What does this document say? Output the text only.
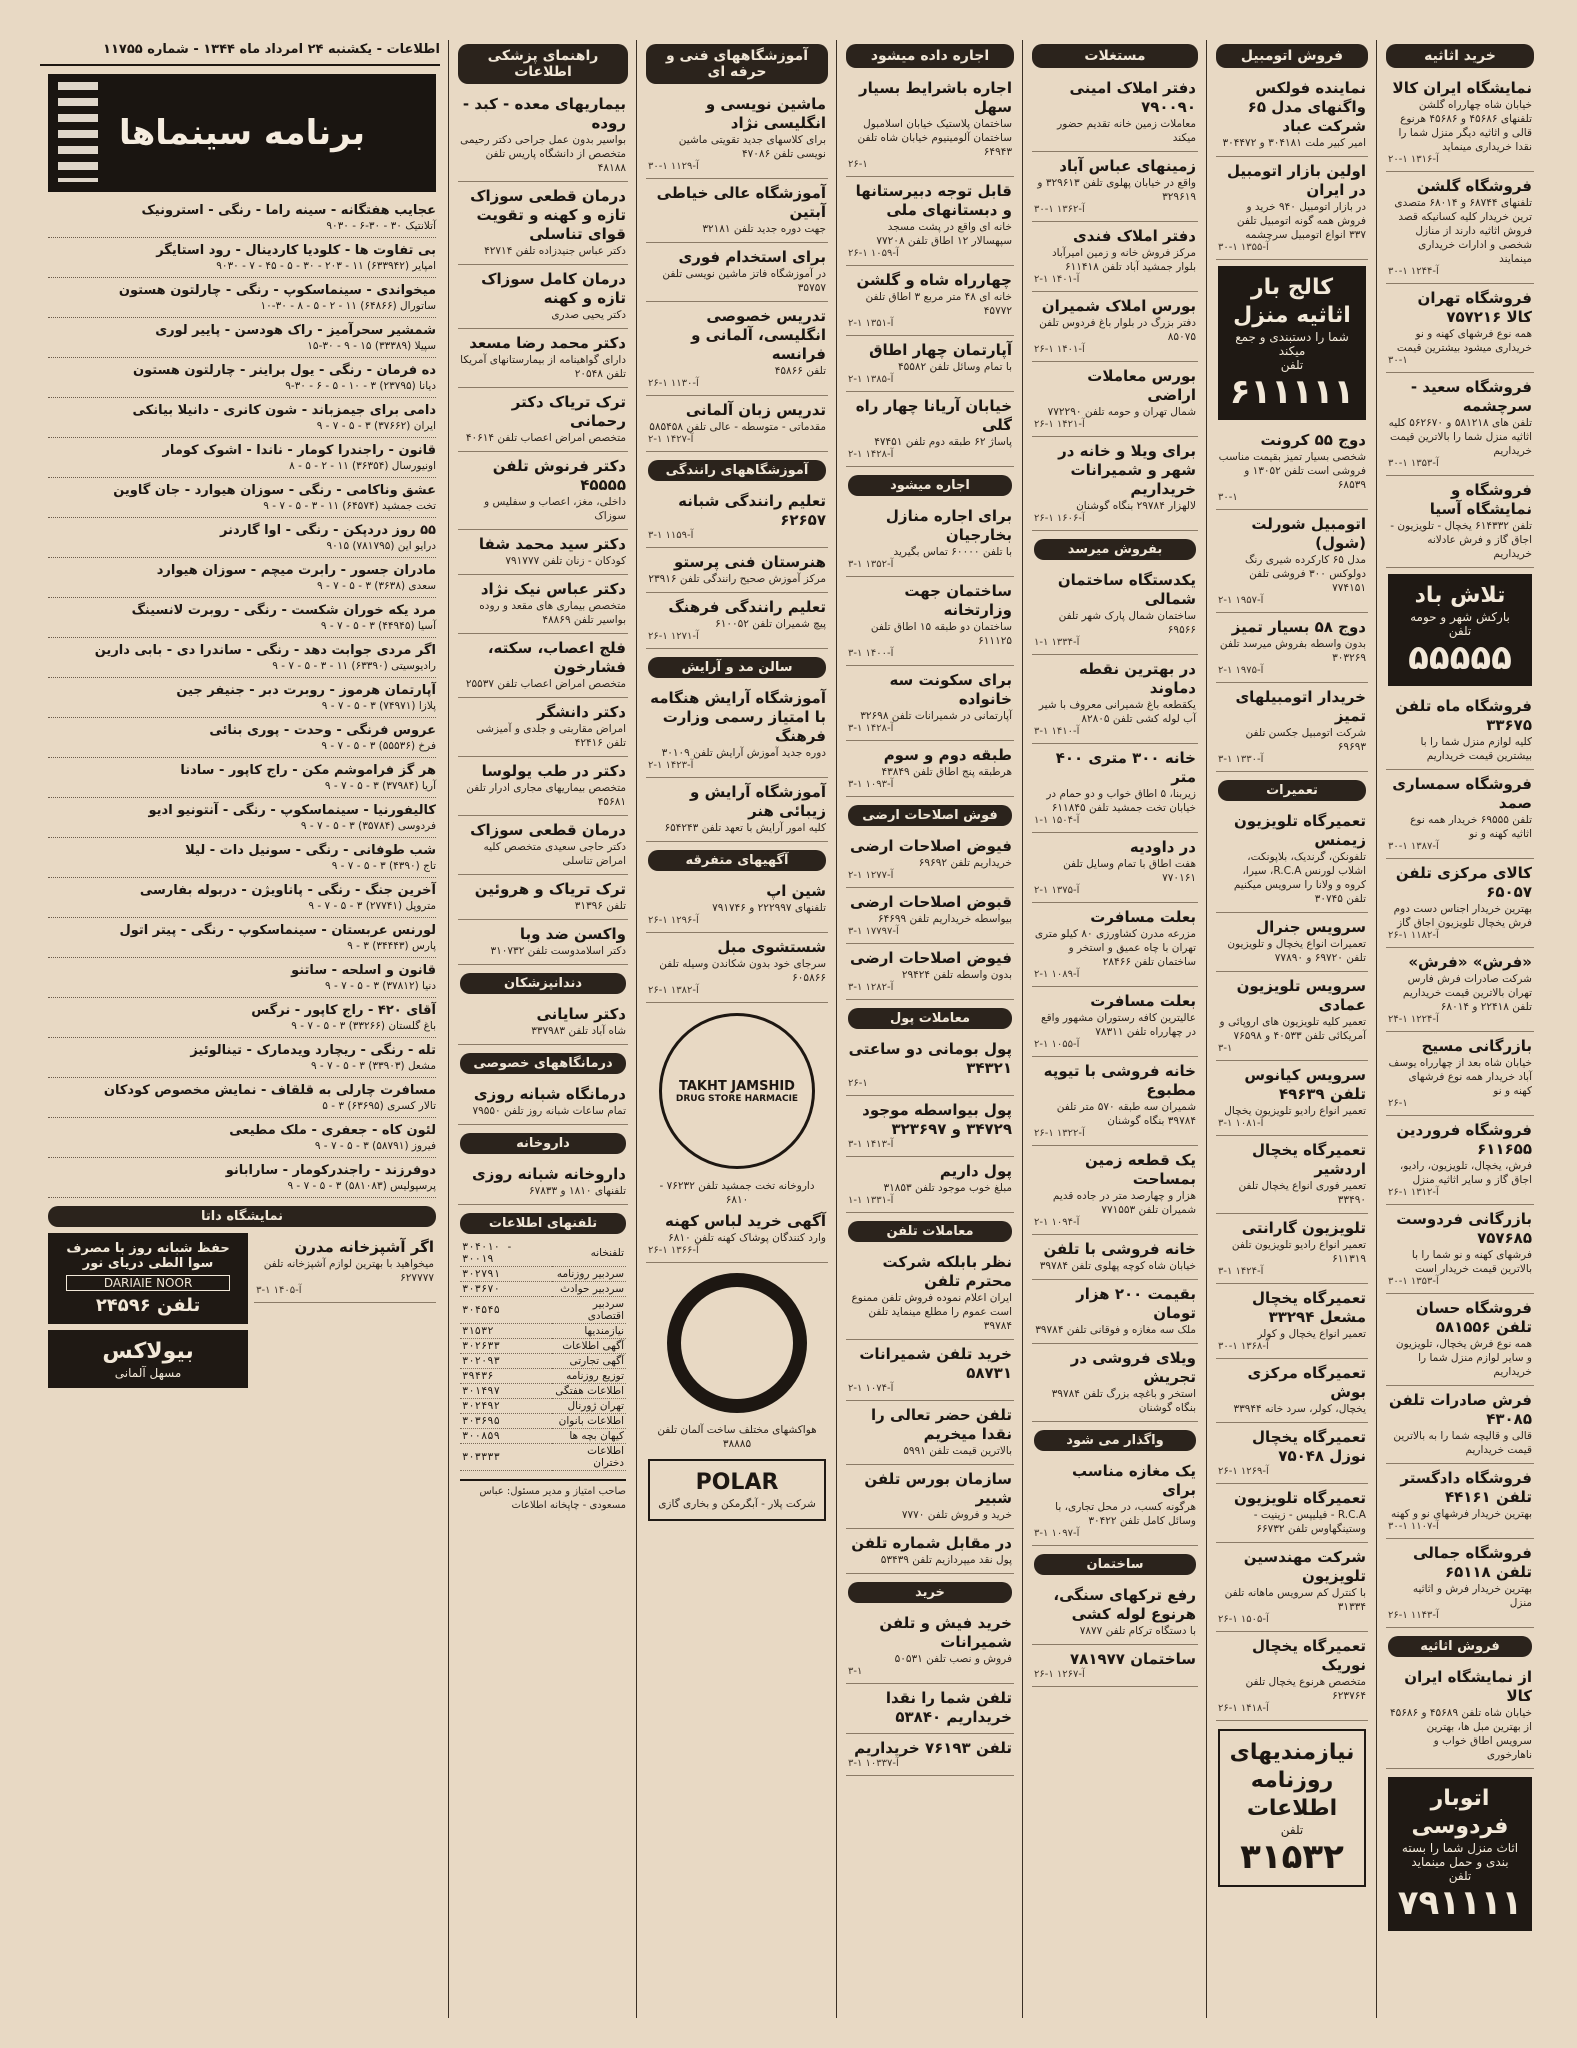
خرید اثاثیه
نمایشگاه ایران کالا
خیابان شاه چهارراه گلشن تلفنهای ۴۵۶۸۶ و ۴۵۶۸۶ هرنوع قالی و اثاثیه دیگر منزل شما را نقدا خریداری مینماید
۲۰-۱ آ-۱۳۱۶
فروشگاه گلشن
تلفنهای ۶۸۷۴۴ و ۶۸۰۱۴ متصدی ترین خریدار کلیه کسانیکه قصد فروش اثاثیه دارند از منازل شخصی و ادارات خریداری مینمایند
۳۰-۱ آ-۱۲۴۴
فروشگاه تهران کالا ۷۵۷۲۱۶
همه نوع فرشهای کهنه و نو خریداری میشود بیشترین قیمت
۳۰-۱
فروشگاه سعید - سرچشمه
تلفن های ۵۸۱۲۱۸ و ۵۶۲۶۷۰ کلیه اثاثیه منزل شما را بالاترین قیمت خریداریم
۳۰-۱ آ-۱۳۵۳
فروشگاه و نمایشگاه آسیا
تلفن ۶۱۴۳۳۲ یخچال - تلویزیون - اجاق گاز و فرش عادلانه خریداریم
تلاش باد
بارکش شهر و حومه
تلفن
۵۵۵۵۵
فروشگاه ماه تلفن ۳۳۶۷۵
کلیه لوازم منزل شما را با بیشترین قیمت خریداریم
فروشگاه سمساری صمد
تلفن ۶۹۵۵۵ خریدار همه نوع اثاثیه کهنه و نو
۳۰-۱ آ-۱۳۸۷
کالای مرکزی تلفن ۶۵۰۵۷
بهترین خریدار اجناس دست دوم فرش یخچال تلویزیون اجاق گاز
۲۶-۱ آ-۱۱۸۲
«فرش» «فرش»
شرکت صادرات فرش فارس تهران بالاترین قیمت خریداریم تلفن ۲۲۴۱۸ و ۶۸۰۱۴
۲۴-۱ آ-۱۲۲۴
بازرگانی مسیح
خیابان شاه بعد از چهارراه یوسف آباد خریدار همه نوع فرشهای کهنه و نو
۲۶-۱
فروشگاه فروردین ۶۱۱۶۵۵
فرش، یخچال، تلویزیون، رادیو، اجاق گاز و سایر اثاثیه منزل
۲۶-۱ آ-۱۳۱۲
بازرگانی فردوست ۷۵۷۶۸۵
فرشهای کهنه و نو شما را با بالاترین قیمت خریدار است
۳۰-۱ آ-۱۳۵۳
فروشگاه حسان تلفن ۵۸۱۵۵۶
همه نوع فرش یخچال، تلویزیون و سایر لوازم منزل شما را خریداریم
فرش صادرات تلفن ۴۳۰۸۵
قالی و قالیچه شما را به بالاترین قیمت خریداریم
فروشگاه دادگستر تلفن ۴۴۱۶۱
بهترین خریدار فرشهای نو و کهنه
۳۰-۱ آ-۱۱۰۷
فروشگاه جمالی تلفن ۶۵۱۱۸
بهترین خریدار فرش و اثاثیه منزل
۲۶-۱ آ-۱۱۴۳
فروش اثاثیه
از نمایشگاه ایران کالا
خیابان شاه تلفن ۴۵۶۸۹ و ۴۵۶۸۶ از بهترین مبل ها، بهترین سرویس اطاق خواب و ناهارخوری
اتوبار فردوسی
اثاث منزل شما را بسته بندی و حمل مینماید
تلفن
۷۹۱۱۱۱
فروش اتومبیل
نماینده فولکس واگنهای مدل ۶۵ شرکت عباد
امیر کبیر ملت ۳۰۴۱۸۱ و ۳۰۴۴۷۲
اولین بازار اتومبیل در ایران
در بازار اتومبیل ۹۴۰ خرید و فروش همه گونه اتومبیل تلفن ۳۳۷ انواع اتومبیل سرچشمه
۳۰-۱ آ-۱۳۵۵
کالج بار اثاثیه منزل
شما را دستبندی و جمع میکند
تلفن
۶۱۱۱۱۱
دوج ۵۵ کرونت
شخصی بسیار تمیز بقیمت مناسب فروشی است تلفن ۱۳۰۵۲ و ۶۸۵۳۹
۳۰-۱
اتومبیل شورلت (شول)
مدل ۶۵ کارکرده شیری رنگ دولوکس ۳۰۰ فروشی تلفن ۷۷۴۱۵۱
۲-۱ آ-۱۹۵۷
دوج ۵۸ بسیار تمیز
بدون واسطه بفروش میرسد تلفن ۳۰۳۲۶۹
۲-۱ آ-۱۹۷۵
خریدار اتومبیلهای تمیز
شرکت اتومبیل جکسن تلفن ۶۹۶۹۳
۳-۱ آ-۱۳۳۰
تعمیرات
تعمیرگاه تلویزیون زیمنس
تلفونکن، گرندیک، بلاپونکت، اشلاب لورنس R.C.A، سیرا، کروه و ولانا را سرویس میکنیم تلفن ۳۰۷۴۵
سرویس جنرال
تعمیرات انواع یخچال و تلویزیون تلفن ۶۹۷۲۰ و ۷۷۸۹۰
سرویس تلویزیون عمادی
تعمیر کلیه تلویزیون های اروپائی و آمریکائی تلفن ۴۰۵۳۳ و ۷۶۵۹۸
۳-۱
سرویس کیانوس تلفن ۴۹۶۳۹
تعمیر انواع رادیو تلویزیون یخچال
۳-۱ آ-۱۰۸۱
تعمیرگاه یخچال اردشیر
تعمیر فوری انواع یخچال تلفن ۳۳۴۹۰
تلویزیون گارانتی
تعمیر انواع رادیو تلویزیون تلفن ۶۱۱۳۱۹
۳-۱ آ-۱۴۲۴
تعمیرگاه یخچال مشعل ۳۳۲۹۴
تعمیر انواع یخچال و کولر
۳۰-۱ آ-۱۳۶۸
تعمیرگاه مرکزی بوش
یخچال، کولر، سرد خانه ۳۳۹۴۴
تعمیرگاه یخچال نوزل ۷۵۰۴۸
۲۶-۱ آ-۱۲۶۹
تعمیرگاه تلویزیون
R.C.A - فیلیپس - زینیت - وستینگهاوس تلفن ۶۶۷۳۲
شرکت مهندسین تلویزیون
با کنترل کم سرویس ماهانه تلفن ۳۱۳۳۴
۲۶-۱ آ-۱۵۰۵
تعمیرگاه یخچال نوریک
متخصص هرنوع یخچال تلفن ۶۲۳۷۶۴
۲۶-۱ آ-۱۴۱۸
نیازمندیهای روزنامه اطلاعات
تلفن
۳۱۵۳۲
مستغلات
دفتر املاک امینی ۷۹۰۰۹۰
معاملات زمین خانه تقدیم حضور میکند
زمینهای عباس آباد
واقع در خیابان پهلوی تلفن ۳۲۹۶۱۳ و ۳۲۹۶۱۹
۳۰-۱ آ-۱۳۶۲
دفتر املاک فندی
مرکز فروش خانه و زمین امیرآباد بلوار جمشید آباد تلفن ۶۱۱۴۱۸
۲-۱ آ-۱۴۰۱
بورس املاک شمیران
دفتر بزرگ در بلوار باغ فردوس تلفن ۸۵۰۷۵
۲۶-۱ آ-۱۴۰۱
بورس معاملات اراضی
شمال تهران و حومه تلفن ۷۷۲۲۹۰
۲۶-۱ آ-۱۴۲۱
برای ویلا و خانه در شهر و شمیرانات خریداریم
لالهزار ۲۹۷۸۴ بنگاه گوشنان
۲۶-۱ آ-۱۶۰۶
بفروش میرسد
یکدستگاه ساختمان شمالی
ساختمان شمال پارک شهر تلفن ۶۹۵۶۶
۱-۱ آ-۱۳۳۴
در بهترین نقطه دماوند
یکقطعه باغ شمیرانی معروف با شیر آب لوله کشی تلفن ۸۲۸۰۵
۳-۱ آ-۱۴۱۰
خانه ۳۰۰ متری ۴۰۰ متر
زیربنا، ۵ اطاق خواب و دو حمام در خیابان تخت جمشید تلفن ۶۱۱۸۴۵
۱-۱ آ-۱۵۰۴
در داودیه
هفت اطاق با تمام وسایل تلفن ۷۷۰۱۶۱
۲-۱ آ-۱۳۷۵
بعلت مسافرت
مزرعه مدرن کشاورزی ۸۰ کیلو متری تهران با چاه عمیق و استخر و ساختمان تلفن ۲۸۴۶۶
۲-۱ آ-۱۰۸۹
بعلت مسافرت
عالیترین کافه رستوران مشهور واقع در چهارراه تلفن ۷۸۳۱۱
۲-۱ آ-۱۰۵۵
خانه فروشی با تیوپه مطبوع
شمیران سه طبقه ۵۷۰ متر تلفن ۳۹۷۸۴ بنگاه گوشنان
۲۶-۱ آ-۱۳۲۲
یک قطعه زمین بمساحت
هزار و چهارصد متر در جاده قدیم شمیران تلفن ۷۷۱۵۵۳
۲-۱ آ-۱۰۹۴
خانه فروشی با تلفن
خیابان شاه کوچه پهلوی تلفن ۳۹۷۸۴
بقیمت ۲۰۰ هزار تومان
ملک سه مغازه و فوقانی تلفن ۳۹۷۸۴
ویلای فروشی در تجریش
استخر و باغچه بزرگ تلفن ۳۹۷۸۴ بنگاه گوشنان
واگذار می شود
یک مغازه مناسب برای
هرگونه کسب، در محل تجاری، با وسائل کامل تلفن ۳۰۴۲۲
۳-۱ آ-۱۰۹۷
ساختمان
رفع ترکهای سنگی، هرنوع لوله کشی
با دستگاه ترکام تلفن ۷۸۷۷
ساختمان ۷۸۱۹۷۷
۲۶-۱ آ-۱۲۶۷
اجاره داده میشود
اجاره باشرایط بسیار سهل
ساختمان پلاستیک خیابان اسلامبول ساختمان آلومینیوم خیابان شاه تلفن ۶۴۹۴۳
۲۶-۱
قابل توجه دبیرستانها و دبستانهای ملی
خانه ای واقع در پشت مسجد سپهسالار ۱۲ اطاق تلفن ۷۷۲۰۸
۲۶-۱ آ-۱۰۵۹
چهارراه شاه و گلشن
خانه ای ۴۸ متر مربع ۳ اطاق تلفن ۴۵۷۷۲
۲-۱ آ-۱۳۵۱
آپارتمان چهار اطاق
با تمام وسائل تلفن ۴۵۵۸۲
۲-۱ آ-۱۳۸۵
خیابان آریانا چهار راه گلی
پاساژ ۶۲ طبقه دوم تلفن ۴۷۴۵۱
۲-۱ آ-۱۴۲۸
اجاره میشود
برای اجاره منازل بخارجیان
با تلفن ۶۰۰۰۰ تماس بگیرید
۳-۱ آ-۱۳۵۲
ساختمان جهت وزارتخانه
ساختمان دو طبقه ۱۵ اطاق تلفن ۶۱۱۱۲۵
۳-۱ آ-۱۴۰۰
برای سکونت سه خانواده
آپارتمانی در شمیرانات تلفن ۳۲۶۹۸
۳-۱ آ-۱۴۲۸
طبقه دوم و سوم
هرطبقه پنج اطاق تلفن ۴۳۸۴۹
۳-۱ آ-۱۰۹۳
فوش اصلاحات ارضی
فیوض اصلاحات ارضی
خریداریم تلفن ۶۹۶۹۲
۲-۱ آ-۱۲۷۷
قبوض اصلاحات ارضی
بیواسطه خریداریم تلفن ۶۴۶۹۹
۳-۱ آ-۱۷۷۹۷
فیوض اصلاحات ارضی
بدون واسطه تلفن ۲۹۴۲۴
۳-۱ آ-۱۲۸۲
معاملات پول
پول بومانی دو ساعتی ۳۴۳۲۱
۲۶-۱
پول بیواسطه موجود ۳۴۷۲۹ و ۳۲۳۶۹۷
۳-۱ آ-۱۴۱۳
پول داریم
مبلغ خوب موجود تلفن ۳۱۸۵۳
۱-۱ آ-۱۳۳۱
معاملات تلفن
نظر بابلکه شرکت محترم تلفن
ایران اعلام نموده فروش تلفن ممنوع است عموم را مطلع مینماید تلفن ۳۹۷۸۴
خرید تلفن شمیرانات ۵۸۷۳۱
۲-۱ آ-۱۰۷۴
تلفن حضر تعالی را نقدا میخریم
بالاترین قیمت تلفن ۵۹۹۱
سازمان بورس تلفن شبیر
خرید و فروش تلفن ۷۷۷۰
در مقابل شماره تلفن
پول نقد میپردازیم تلفن ۵۳۴۳۹
خرید
خرید فیش و تلفن شمیرانات
فروش و نصب تلفن ۵۰۵۳۱
۳-۱
تلفن شما را نقدا خریداریم ۵۳۸۴۰
تلفن ۷۶۱۹۳ خریداریم
۳-۱ آ-۱۰۳۳۷
آموزشگاههای فنی و حرفه ای
ماشین نویسی و انگلیسی نژاد
برای کلاسهای جدید تقویتی ماشین نویسی تلفن ۴۷۰۸۶
۳۰-۱ آ-۱۱۲۹
آموزشگاه عالی خیاطی آبتین
جهت دوره جدید تلفن ۳۲۱۸۱
برای استخدام فوری
در آموزشگاه فاتز ماشین نویسی تلفن ۳۵۷۵۷
تدریس خصوصی انگلیسی، آلمانی و فرانسه
تلفن ۴۵۸۶۶
۲۶-۱ آ-۱۱۳۰
تدریس زبان آلمانی
مقدماتی - متوسطه - عالی تلفن ۵۸۵۴۵۸
۲-۱ آ-۱۴۲۷
آموزشگاههای رانندگی
تعلیم رانندگی شبانه ۶۲۶۵۷
۳-۱ آ-۱۱۵۹
هنرستان فنی پرستو
مرکز آموزش صحیح رانندگی تلفن ۲۳۹۱۶
تعلیم رانندگی فرهنگ
پیچ شمیران تلفن ۶۱۰۰۵۲
۲۶-۱ آ-۱۲۷۱
سالن مد و آرایش
آموزشگاه آرایش هنگامه با امتیاز رسمی وزارت فرهنگ
دوره جدید آموزش آرایش تلفن ۳۰۱۰۹
۲-۱ آ-۱۴۲۳
آموزشگاه آرایش و زیبائی هنر
کلیه امور آرایش با تعهد تلفن ۶۵۴۲۴۳
آگهیهای متفرقه
شین اپ
تلفنهای ۲۲۲۹۹۷ و ۷۹۱۷۴۶
۲۶-۱ آ-۱۲۹۶
شستشوی مبل
سرجای خود بدون شکاندن وسیله تلفن ۶۰۵۸۶۶
۲۶-۱ آ-۱۳۸۲
TAKHT JAMSHID
DRUG STORE HARMACIE
داروخانه تخت جمشید تلفن ۷۶۲۳۲ - ۶۸۱۰
آگهی خرید لباس کهنه
وارد کنندگان پوشاک کهنه تلفن ۶۸۱۰
۲۶-۱ آ-۱۳۶۶
هواکشهای مختلف ساخت آلمان تلفن ۳۸۸۸۵
POLAR
شرکت پلار - آبگرمکن و بخاری گازی
راهنمای پزشکی اطلاعات
بیماریهای معده - کبد - روده
بواسیر بدون عمل جراحی دکتر رحیمی متخصص از دانشگاه پاریس تلفن ۴۸۱۸۸
درمان قطعی سوزاک تازه و کهنه و تقویت قوای تناسلی
دکتر عباس جنیدزاده تلفن ۴۲۷۱۴
درمان کامل سوزاک تازه و کهنه
دکتر یحیی صدری
دکتر محمد رضا مسعد
دارای گواهینامه از بیمارستانهای آمریکا تلفن ۲۰۵۴۸
ترک تریاک دکتر رحمانی
متخصص امراض اعصاب تلفن ۴۰۶۱۴
دکتر فرنوش تلفن ۴۵۵۵۵
داخلی، مغز، اعصاب و سفلیس و سوزاک
دکتر سید محمد شفا
کودکان - زنان تلفن ۷۹۱۷۷۷
دکتر عباس نیک نژاد
متخصص بیماری های مقعد و روده بواسیر تلفن ۴۸۸۶۹
فلج اعصاب، سکته، فشارخون
متخصص امراض اعصاب تلفن ۲۵۵۳۷
دکتر دانشگر
امراض مقاربتی و جلدی و آمیزشی تلفن ۴۲۴۱۶
دکتر در طب یولوسا
متخصص بیماریهای مجاری ادرار تلفن ۴۵۶۸۱
درمان قطعی سوزاک
دکتر حاجی سعیدی متخصص کلیه امراض تناسلی
ترک تریاک و هروئین
تلفن ۳۱۳۹۶
واکسن ضد وبا
دکتر اسلامدوست تلفن ۳۱۰۷۳۲
دندانپزشکان
دکتر سایانی
شاه آباد تلفن ۳۳۷۹۸۳
درمانگاههای خصوصی
درمانگاه شبانه روزی
تمام ساعات شبانه روز تلفن ۷۹۵۵۰
داروخانه
داروخانه شبانه روزی
تلفنهای ۱۸۱۰ و ۶۷۸۳۳
تلفنهای اطلاعات
تلفنخانه	۳۰۴۰۱۰ - ۳۰۰۱۹
سردبیر روزنامه	۳۰۲۷۹۱
سردبیر حوادث	۳۰۳۶۷۰
سردبیر اقتصادی	۳۰۴۵۴۵
نیازمندیها	۳۱۵۳۲
آگهی اطلاعات	۳۰۲۶۳۳
آگهی تجارتی	۳۰۲۰۹۳
توزیع روزنامه	۳۹۴۳۶
اطلاعات هفتگی	۳۰۱۴۹۷
تهران ژورنال	۳۰۲۴۹۲
اطلاعات بانوان	۳۰۳۶۹۵
کیهان بچه ها	۳۰۰۸۵۹
اطلاعات دختران	۳۰۳۳۳۳
صاحب امتیاز و مدیر مسئول: عباس مسعودی - چاپخانه اطلاعات
اطلاعات - یکشنبه ۲۴ امرداد ماه ۱۳۴۴ - شماره ۱۱۷۵۵
برنامه سینماها
عجایب هفتگانه - سینه راما - رنگی - استرونیک
آتلانتیک ۳۰ - ۳۰-۶ - ۹۰۳۰
بی تفاوت ها - کلودیا کاردینال - رود استایگر
امپایر (۶۳۳۹۴۲) ۱۱ - ۲۰۳ - ۳۰ - ۵ - ۴۵ - ۷ - ۹۰۳۰
میخواندی - سینماسکوپ - رنگی - چارلتون هستون
ساتورال (۶۴۸۶۶) ۱۱ - ۲ - ۵ - ۸ - ۳۰-۱۰
شمشیر سحرآمیز - راک هودسن - پاییر لوری
سپیلا (۳۳۳۸۹) ۱۵ - ۹ - ۳۰-۱۵
ده فرمان - رنگی - یول براینر - چارلتون هستون
دیانا (۲۳۷۹۵) ۳ - ۱۰ - ۵ - ۶ - ۳۰-۹
دامی برای جیمزباند - شون کانری - دانیلا بیانکی
ایران (۳۷۶۶۲) ۳ - ۵ - ۷ - ۹
قانون - راجندرا کومار - ناندا - اشوک کومار
اونیورسال (۳۶۳۵۴) ۱۱ - ۲ - ۵ - ۸
عشق وناکامی - رنگی - سوزان هیوارد - جان گاوین
تخت جمشید (۶۴۵۷۴) ۱۱ - ۳ - ۵ - ۷ - ۹
۵۵ روز دردپکن - رنگی - اوا گاردنر
درایو این (۷۸۱۷۹۵) ۹۰۱۵
مادران جسور - رابرت میچم - سوزان هیوارد
سعدی (۳۶۳۸) ۳ - ۵ - ۷ - ۹
مرد یکه خوران شکست - رنگی - روبرت لانسینگ
آسیا (۴۴۹۴۵) ۳ - ۵ - ۷ - ۹
اگر مردی جوابت دهد - رنگی - ساندرا دی - بابی دارین
رادیوسیتی (۶۳۳۹۰) ۱۱ - ۳ - ۵ - ۷ - ۹
آپارتمان هرموز - روبرت دبر - جنیفر جین
پلازا (۷۴۹۷۱) ۳ - ۵ - ۷ - ۹
عروس فرنگی - وحدت - پوری بنائی
فرخ (۵۵۵۳۶) ۳ - ۵ - ۷ - ۹
هر گز فراموشم مکن - راج کاپور - سادنا
آریا (۳۷۹۸۴) ۳ - ۵ - ۷ - ۹
کالیفورنیا - سینماسکوپ - رنگی - آنتونیو ادیو
فردوسی (۳۵۷۸۴) ۳ - ۵ - ۷ - ۹
شب طوفانی - رنگی - سونیل دات - لیلا
تاج (۴۳۹۰) ۳ - ۵ - ۷ - ۹
آخرین جنگ - رنگی - پاناویژن - دربوله بفارسی
متروپل (۲۷۷۴۱) ۳ - ۵ - ۷ - ۹
لورنس عربستان - سینماسکوپ - رنگی - پیتر اتول
پارس (۳۴۴۴۳) ۳ - ۹
قانون و اسلحه - ساتنو
دنیا (۳۷۸۱۲) ۳ - ۵ - ۷ - ۹
آقای ۴۲۰ - راج کاپور - نرگس
باغ گلستان (۳۳۲۶۶) ۳ - ۵ - ۷ - ۹
تله - رنگی - ریچارد ویدمارک - تینالوئیز
مشعل (۳۳۹۰۳) ۳ - ۵ - ۷ - ۹
مسافرت چارلی به قلقاف - نمایش مخصوص کودکان
تالار کسری (۶۳۶۹۵) ۳ - ۵
لئون کاه - جعفری - ملک مطیعی
فیروز (۵۸۷۹۱) ۳ - ۵ - ۷ - ۹
دوفرزند - راجندرکومار - سارابانو
پرسپولیس (۵۸۱۰۸۳) ۳ - ۵ - ۷ - ۹
نمایشگاه داتا
اگر آشپزخانه مدرن
میخواهید با بهترین لوازم آشپزخانه تلفن ۶۲۷۷۷۷
۳-۱ آ-۱۴۰۵
حفظ شبانه روز با مصرف سوا الطی دریای نور
DARIAIE NOOR
تلفن ۲۴۵۹۶
بیولاکس
مسهل آلمانی
